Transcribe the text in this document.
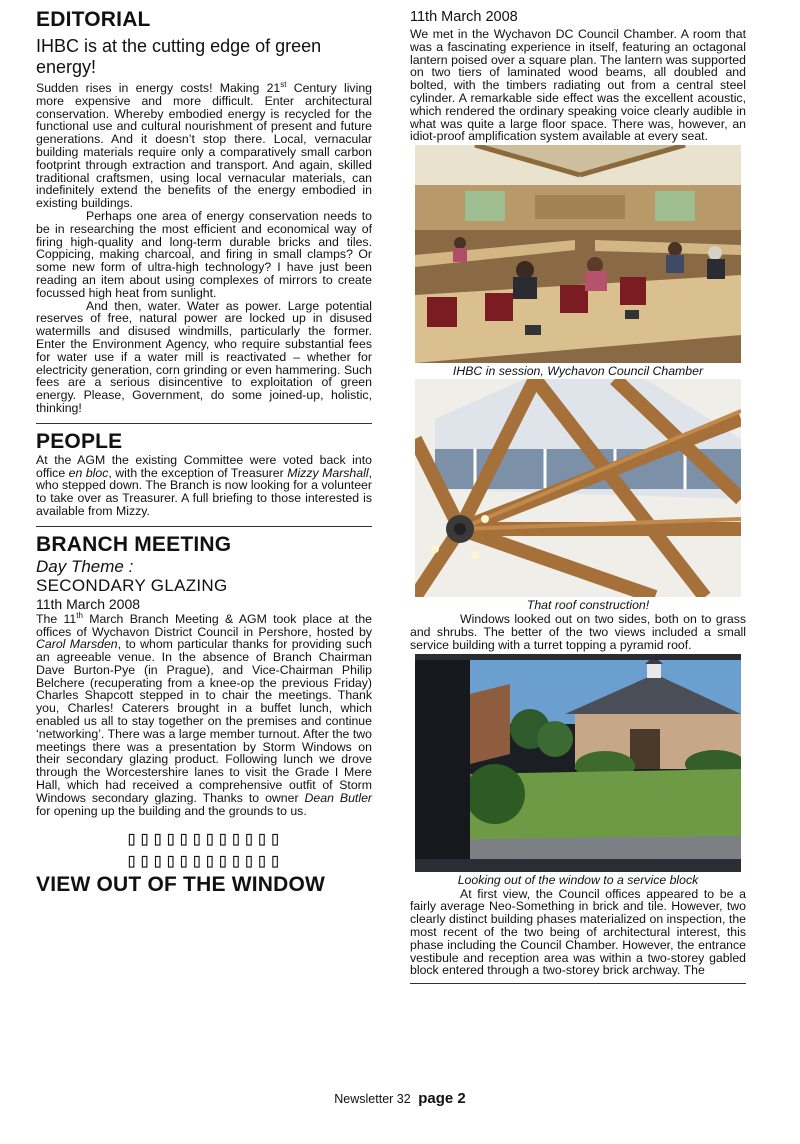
EDITORIAL
IHBC is at the cutting edge of green energy!

Sudden rises in energy costs! Making 21st Century living more expensive and more difficult. Enter architectural conservation. Whereby embodied energy is recycled for the functional use and cultural nourishment of present and future generations. And it doesn’t stop there. Local, vernacular building materials require only a comparatively small carbon footprint through extraction and transport. And again, skilled traditional craftsmen, using local vernacular materials, can indefinitely extend the benefits of the energy embodied in existing buildings.

Perhaps one area of energy conservation needs to be in researching the most efficient and economical way of firing high-quality and long-term durable bricks and tiles. Coppicing, making charcoal, and firing in small clamps? Or some new form of ultra-high technology? I have just been reading an item about using complexes of mirrors to create focussed high heat from sunlight.

And then, water. Water as power. Large potential reserves of free, natural power are locked up in disused watermills and disused windmills, particularly the former. Enter the Environment Agency, who require substantial fees for water use if a water mill is reactivated – whether for electricity generation, corn grinding or even hammering. Such fees are a serious disincentive to exploitation of green energy. Please, Government, do some joined-up, holistic, thinking!

PEOPLE

At the AGM the existing Committee were voted back into office en bloc, with the exception of Treasurer Mizzy Marshall, who stepped down. The Branch is now looking for a volunteer to take over as Treasurer. A full briefing to those interested is available from Mizzy.

BRANCH MEETING
Day Theme :
SECONDARY GLAZING
11th March 2008

The 11th March Branch Meeting & AGM took place at the offices of Wychavon District Council in Pershore, hosted by Carol Marsden, to whom particular thanks for providing such an agreeable venue. In the absence of Branch Chairman Dave Burton-Pye (in Prague), and Vice-Chairman Philip Belchere (recuperating from a knee-op the previous Friday) Charles Shapcott stepped in to chair the meetings. Thank you, Charles! Caterers brought in a buffet lunch, which enabled us all to stay together on the premises and continue ‘networking’. There was a large member turnout. After the two meetings there was a presentation by Storm Windows on their secondary glazing product. Following lunch we drove through the Worcestershire lanes to visit the Grade I Mere Hall, which had received a comprehensive outfit of Storm Windows secondary glazing. Thanks to owner Dean Butler for opening up the building and the grounds to us.

▯▯▯▯▯▯▯▯▯▯▯▯
▯▯▯▯▯▯▯▯▯▯▯▯
VIEW OUT OF THE WINDOW
11th March 2008

We met in the Wychavon DC Council Chamber. A room that was a fascinating experience in itself, featuring an octagonal lantern poised over a square plan. The lantern was supported on two tiers of laminated wood beams, all doubled and bolted, with the timbers radiating out from a central steel cylinder. A remarkable side effect was the excellent acoustic, which rendered the ordinary speaking voice clearly audible in what was quite a large floor space. There was, however, an idiot-proof amplification system available at every seat.

IHBC in session, Wychavon Council Chamber
That roof construction!

Windows looked out on two sides, both on to grass and shrubs. The better of the two views included a small service building with a turret topping a pyramid roof.

Looking out of the window to a service block

At first view, the Council offices appeared to be a fairly average Neo-Something in brick and tile. However, two clearly distinct building phases materialized on inspection, the most recent of the two being of architectural interest, this phase including the Council Chamber. However, the entrance vestibule and reception area was within a two-storey gabled block entered through a two-storey brick archway. The

Newsletter 32 page 2
